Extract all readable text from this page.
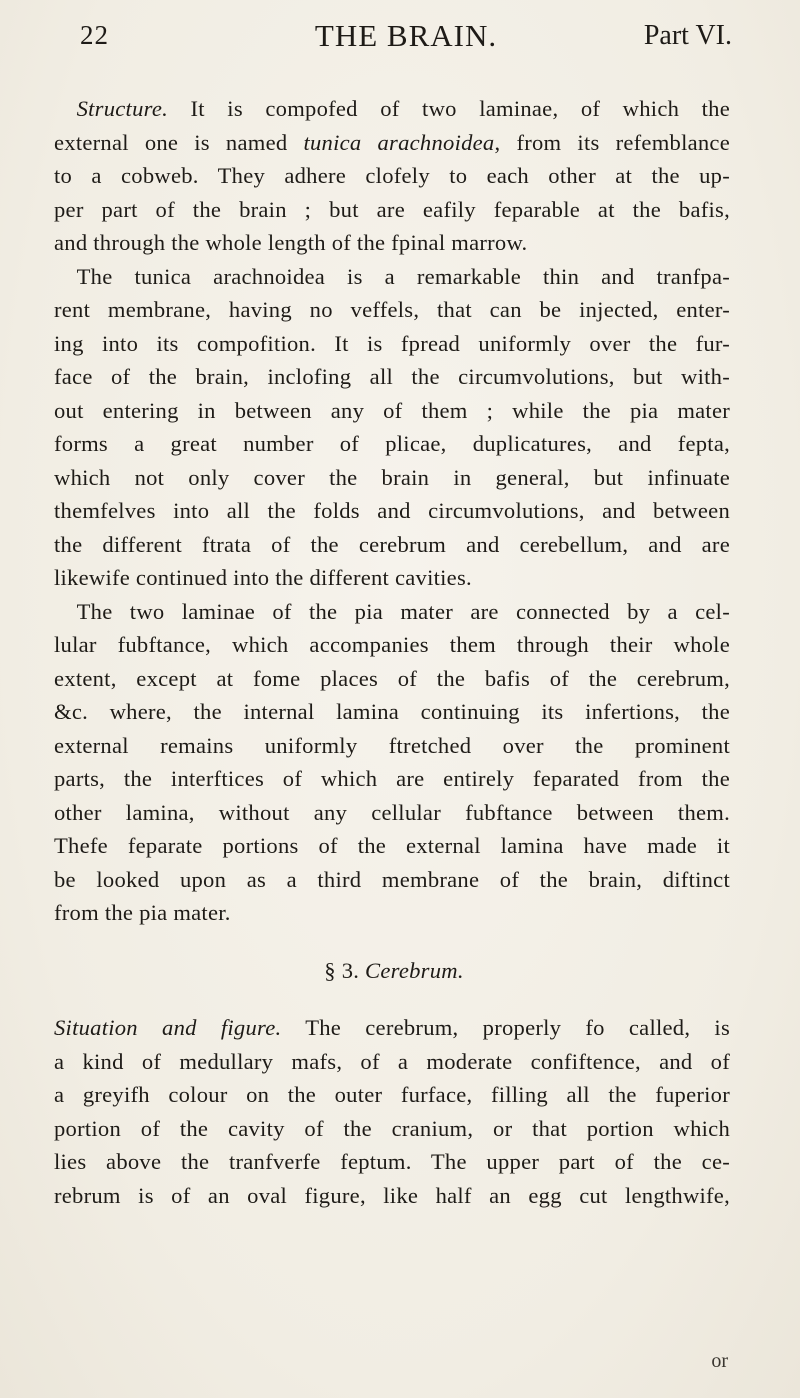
22	THE BRAIN.	Part VI.

Structure. It is compofed of two laminae, of which the

external one is named tunica arachnoidea, from its refemblance

to a cobweb. They adhere clofely to each other at the up-

per part of the brain ; but are eafily feparable at the bafis,

and through the whole length of the fpinal marrow.

The tunica arachnoidea is a remarkable thin and tranfpa-

rent membrane, having no veffels, that can be injected, enter-

ing into its compofition. It is fpread uniformly over the fur-

face of the brain, inclofing all the circumvolutions, but with-

out entering in between any of them ; while the pia mater

forms a great number of plicae, duplicatures, and fepta,

which not only cover the brain in general, but infinuate

themfelves into all the folds and circumvolutions, and between

the different ftrata of the cerebrum and cerebellum, and are

likewife continued into the different cavities.

The two laminae of the pia mater are connected by a cel-

lular fubftance, which accompanies them through their whole

extent, except at fome places of the bafis of the cerebrum,

&c. where, the internal lamina continuing its infertions, the

external remains uniformly ftretched over the prominent

parts, the interftices of which are entirely feparated from the

other lamina, without any cellular fubftance between them.

Thefe feparate portions of the external lamina have made it

be looked upon as a third membrane of the brain, diftinct

from the pia mater.

§ 3. Cerebrum.

Situation and figure. The cerebrum, properly fo called, is

a kind of medullary mafs, of a moderate confiftence, and of

a greyifh colour on the outer furface, filling all the fuperior

portion of the cavity of the cranium, or that portion which

lies above the tranfverfe feptum. The upper part of the ce-

rebrum is of an oval figure, like half an egg cut lengthwife,

or
